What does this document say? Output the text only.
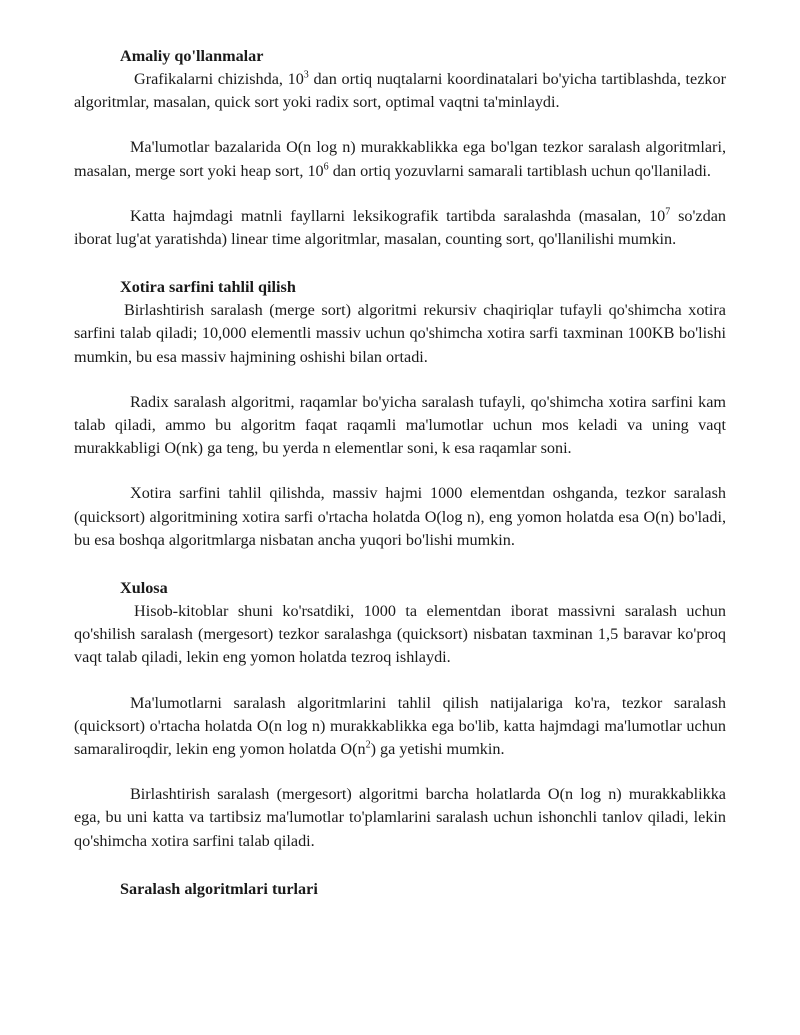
Amaliy qo'llanmalar

Grafikalarni chizishda, $10^3$ dan ortiq nuqtalarni koordinatalari bo'yicha tartiblashda, tezkor algoritmlar, masalan, quick sort yoki radix sort, optimal vaqtni ta'minlaydi.

Ma'lumotlar bazalarida O(n log n) murakkablikka ega bo'lgan tezkor saralash algoritmlari, masalan, merge sort yoki heap sort, $10^6$ dan ortiq yozuvlarni samarali tartiblash uchun qo'llaniladi.

Katta hajmdagi matnli fayllarni leksikografik tartibda saralashda (masalan, $10^7$ so'zdan iborat lug'at yaratishda) linear time algoritmlar, masalan, counting sort, qo'llanilishi mumkin.

Xotira sarfini tahlil qilish

Birlashtirish saralash (merge sort) algoritmi rekursiv chaqiriqlar tufayli qo'shimcha xotira sarfini talab qiladi; 10,000 elementli massiv uchun qo'shimcha xotira sarfi taxminan 100KB bo'lishi mumkin, bu esa massiv hajmining oshishi bilan ortadi.

Radix saralash algoritmi, raqamlar bo'yicha saralash tufayli, qo'shimcha xotira sarfini kam talab qiladi, ammo bu algoritm faqat raqamli ma'lumotlar uchun mos keladi va uning vaqt murakkabligi O(nk) ga teng, bu yerda n elementlar soni, k esa raqamlar soni.

Xotira sarfini tahlil qilishda, massiv hajmi 1000 elementdan oshganda, tezkor saralash (quicksort) algoritmining xotira sarfi o'rtacha holatda O(log n), eng yomon holatda esa O(n) bo'ladi, bu esa boshqa algoritmlarga nisbatan ancha yuqori bo'lishi mumkin.

Xulosa

Hisob-kitoblar shuni ko'rsatdiki, 1000 ta elementdan iborat massivni saralash uchun qo'shilish saralash (mergesort) tezkor saralashga (quicksort) nisbatan taxminan 1,5 baravar ko'proq vaqt talab qiladi, lekin eng yomon holatda tezroq ishlaydi.

Ma'lumotlarni saralash algoritmlarini tahlil qilish natijalariga ko'ra, tezkor saralash (quicksort) o'rtacha holatda O(n log n) murakkablikka ega bo'lib, katta hajmdagi ma'lumotlar uchun samaraliroqdir, lekin eng yomon holatda $O(n^2)$ ga yetishi mumkin.

Birlashtirish saralash (mergesort) algoritmi barcha holatlarda O(n log n) murakkablikka ega, bu uni katta va tartibsiz ma'lumotlar to'plamlarini saralash uchun ishonchli tanlov qiladi, lekin qo'shimcha xotira sarfini talab qiladi.

Saralash algoritmlari turlari
